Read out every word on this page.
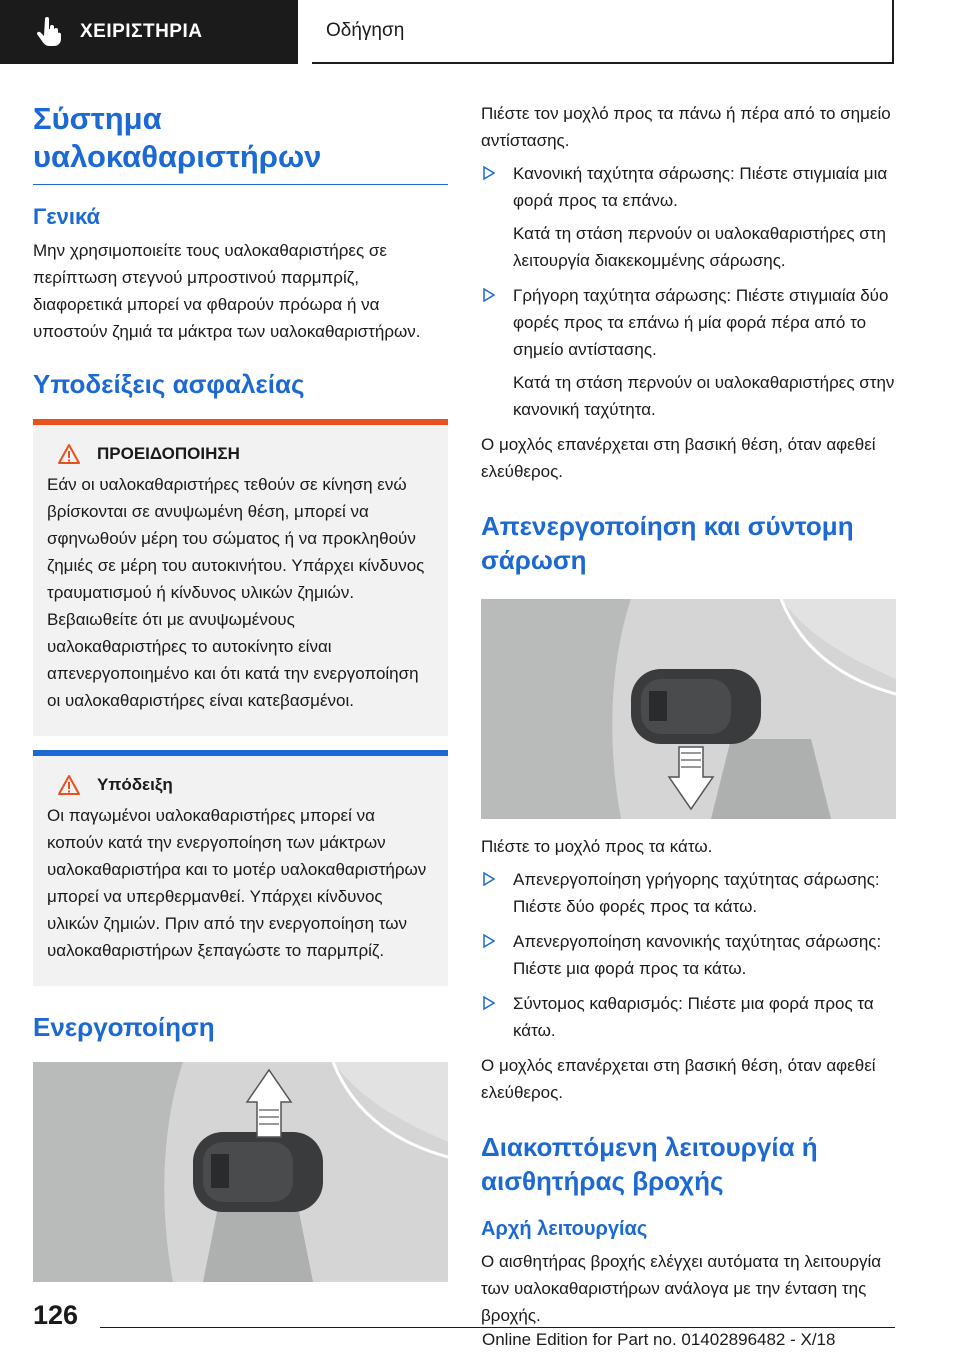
ΧΕΙΡΙΣΤΗΡΙΑ	Οδήγηση
Σύστημα υαλοκαθαριστήρων
Γενικά

Μην χρησιμοποιείτε τους υαλοκαθαριστήρες σε περίπτωση στεγνού μπροστινού παρμπρίζ, διαφορετικά μπορεί να φθαρούν πρόωρα ή να υποστούν ζημιά τα μάκτρα των υαλοκαθαριστήρων.

Υποδείξεις ασφαλείας
ΠΡΟΕΙΔΟΠΟΙΗΣΗ

Εάν οι υαλοκαθαριστήρες τεθούν σε κίνηση ενώ βρίσκονται σε ανυψωμένη θέση, μπορεί να σφηνωθούν μέρη του σώματος ή να προκληθούν ζημιές σε μέρη του αυτοκινήτου. Υπάρχει κίνδυνος τραυματισμού ή κίνδυνος υλικών ζημιών. Βεβαιωθείτε ότι με ανυψωμένους υαλοκαθαριστήρες το αυτοκίνητο είναι απενεργοποιημένο και ότι κατά την ενεργοποίηση οι υαλοκαθαριστήρες είναι κατεβασμένοι.

Υπόδειξη

Οι παγωμένοι υαλοκαθαριστήρες μπορεί να κοπούν κατά την ενεργοποίηση των μάκτρων υαλοκαθαριστήρα και το μοτέρ υαλοκαθαριστήρων μπορεί να υπερθερμανθεί. Υπάρχει κίνδυνος υλικών ζημιών. Πριν από την ενεργοποίηση των υαλοκαθαριστήρων ξεπαγώστε το παρμπρίζ.

Ενεργοποίηση

Πιέστε τον μοχλό προς τα πάνω ή πέρα από το σημείο αντίστασης.

Κανονική ταχύτητα σάρωσης: Πιέστε στιγμιαία μια φορά προς τα επάνω.

Κατά τη στάση περνούν οι υαλοκαθαριστήρες στη λειτουργία διακεκομμένης σάρωσης.

Γρήγορη ταχύτητα σάρωσης: Πιέστε στιγμιαία δύο φορές προς τα επάνω ή μία φορά πέρα από το σημείο αντίστασης.

Κατά τη στάση περνούν οι υαλοκαθαριστήρες στην κανονική ταχύτητα.

Ο μοχλός επανέρχεται στη βασική θέση, όταν αφεθεί ελεύθερος.

Απενεργοποίηση και σύντομη σάρωση

Πιέστε το μοχλό προς τα κάτω.

Απενεργοποίηση γρήγορης ταχύτητας σάρωσης: Πιέστε δύο φορές προς τα κάτω.

Απενεργοποίηση κανονικής ταχύτητας σάρωσης: Πιέστε μια φορά προς τα κάτω.

Σύντομος καθαρισμός: Πιέστε μια φορά προς τα κάτω.

Ο μοχλός επανέρχεται στη βασική θέση, όταν αφεθεί ελεύθερος.

Διακοπτόμενη λειτουργία ή αισθητήρας βροχής
Αρχή λειτουργίας

Ο αισθητήρας βροχής ελέγχει αυτόματα τη λειτουργία των υαλοκαθαριστήρων ανάλογα με την ένταση της βροχής.

126
Online Edition for Part no. 01402896482 - X/18
